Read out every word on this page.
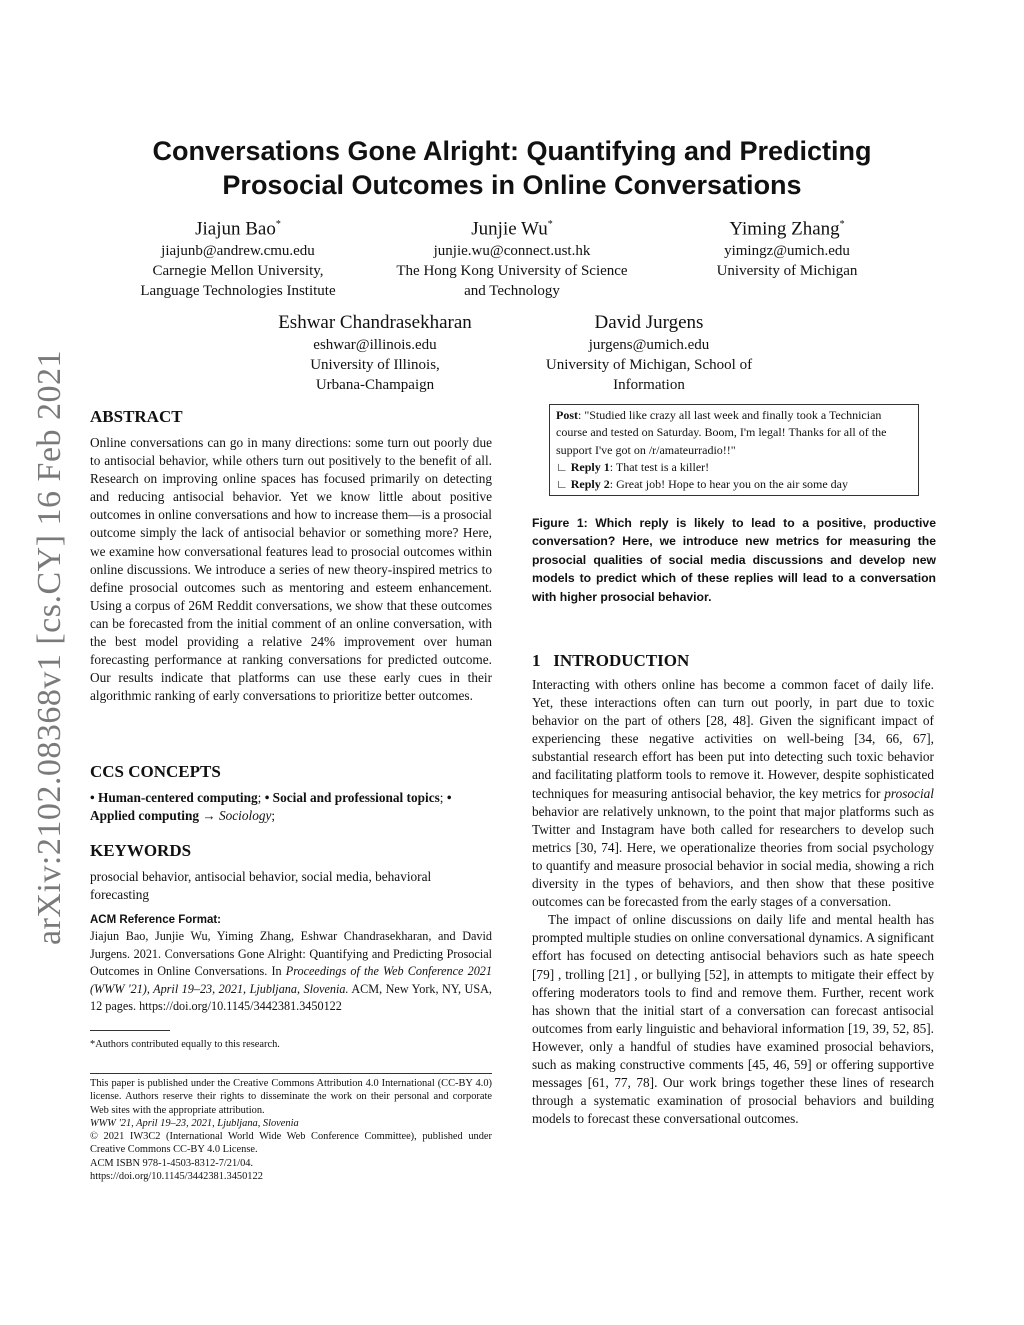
arXiv:2102.08368v1 [cs.CY] 16 Feb 2021
Conversations Gone Alright: Quantifying and Predicting
Prosocial Outcomes in Online Conversations
Jiajun Bao*
jiajunb@andrew.cmu.edu
Carnegie Mellon University,
Language Technologies Institute
Junjie Wu*
junjie.wu@connect.ust.hk
The Hong Kong University of Science
and Technology
Yiming Zhang*
yimingz@umich.edu
University of Michigan
Eshwar Chandrasekharan
eshwar@illinois.edu
University of Illinois,
Urbana-Champaign
David Jurgens
jurgens@umich.edu
University of Michigan, School of
Information
ABSTRACT

Online conversations can go in many directions: some turn out poorly due to antisocial behavior, while others turn out positively to the benefit of all. Research on improving online spaces has focused primarily on detecting and reducing antisocial behavior. Yet we know little about positive outcomes in online conversations and how to increase them—is a prosocial outcome simply the lack of antisocial behavior or something more? Here, we examine how conversational features lead to prosocial outcomes within online discussions. We introduce a series of new theory-inspired metrics to define prosocial outcomes such as mentoring and esteem enhancement. Using a corpus of 26M Reddit conversations, we show that these outcomes can be forecasted from the initial comment of an online conversation, with the best model providing a relative 24% improvement over human forecasting performance at ranking conversations for predicted outcome. Our results indicate that platforms can use these early cues in their algorithmic ranking of early conversations to prioritize better outcomes.

CCS CONCEPTS

• Human-centered computing; • Social and professional topics; • Applied computing → Sociology;

KEYWORDS

prosocial behavior, antisocial behavior, social media, behavioral forecasting

ACM Reference Format:

Jiajun Bao, Junjie Wu, Yiming Zhang, Eshwar Chandrasekharan, and David Jurgens. 2021. Conversations Gone Alright: Quantifying and Predicting Prosocial Outcomes in Online Conversations. In Proceedings of the Web Conference 2021 (WWW '21), April 19–23, 2021, Ljubljana, Slovenia. ACM, New York, NY, USA, 12 pages. https://doi.org/10.1145/3442381.3450122

*Authors contributed equally to this research.

This paper is published under the Creative Commons Attribution 4.0 International (CC-BY 4.0) license. Authors reserve their rights to disseminate the work on their personal and corporate Web sites with the appropriate attribution.

WWW '21, April 19–23, 2021, Ljubljana, Slovenia

© 2021 IW3C2 (International World Wide Web Conference Committee), published under Creative Commons CC-BY 4.0 License.

ACM ISBN 978-1-4503-8312-7/21/04.

https://doi.org/10.1145/3442381.3450122

Post: "Studied like crazy all last week and finally took a Technician course and tested on Saturday. Boom, I'm legal! Thanks for all of the support I've got on /r/amateurradio!!"
∟ Reply 1: That test is a killer!
∟ Reply 2: Great job! Hope to hear you on the air some day
Figure 1: Which reply is likely to lead to a positive, productive conversation? Here, we introduce new metrics for measuring the prosocial qualities of social media discussions and develop new models to predict which of these replies will lead to a conversation with higher prosocial behavior.
1   INTRODUCTION

Interacting with others online has become a common facet of daily life. Yet, these interactions often can turn out poorly, in part due to toxic behavior on the part of others [28, 48]. Given the significant impact of experiencing these negative activities on well-being [34, 66, 67], substantial research effort has been put into detecting such toxic behavior and facilitating platform tools to remove it. However, despite sophisticated techniques for measuring antisocial behavior, the key metrics for prosocial behavior are relatively unknown, to the point that major platforms such as Twitter and Instagram have both called for researchers to develop such metrics [30, 74]. Here, we operationalize theories from social psychology to quantify and measure prosocial behavior in social media, showing a rich diversity in the types of behaviors, and then show that these positive outcomes can be forecasted from the early stages of a conversation.

The impact of online discussions on daily life and mental health has prompted multiple studies on online conversational dynamics. A significant effort has focused on detecting antisocial behaviors such as hate speech [79] , trolling [21] , or bullying [52], in attempts to mitigate their effect by offering moderators tools to find and remove them. Further, recent work has shown that the initial start of a conversation can forecast antisocial outcomes from early linguistic and behavioral information [19, 39, 52, 85]. However, only a handful of studies have examined prosocial behaviors, such as making constructive comments [45, 46, 59] or offering supportive messages [61, 77, 78]. Our work brings together these lines of research through a systematic examination of prosocial behaviors and building models to forecast these conversational outcomes.
